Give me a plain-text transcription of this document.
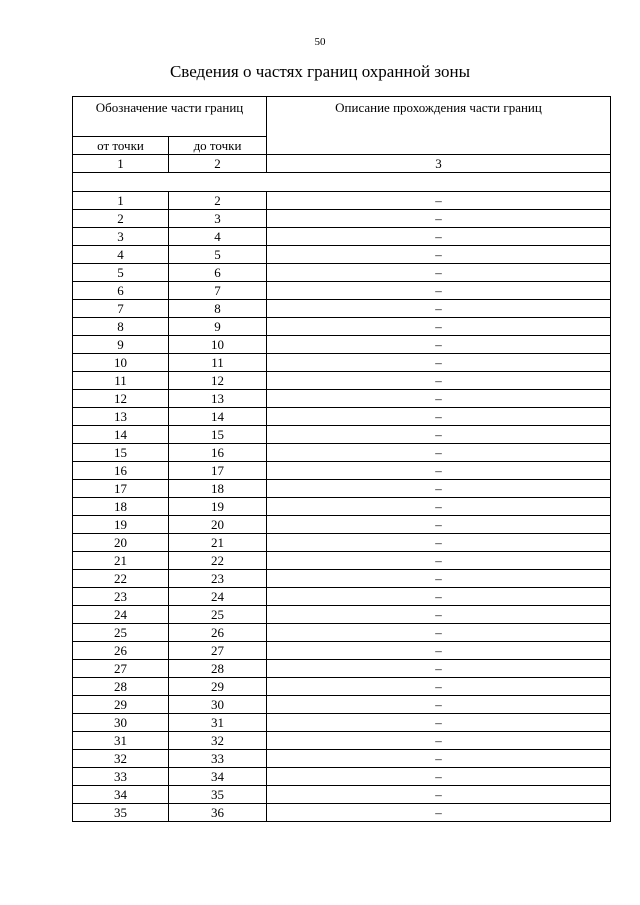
50
Сведения о частях границ охранной зоны
Обозначение части границ		Описание прохождения части границ
от точки	до точки	
1	2	3

1	2	–
2	3	–
3	4	–
4	5	–
5	6	–
6	7	–
7	8	–
8	9	–
9	10	–
10	11	–
11	12	–
12	13	–
13	14	–
14	15	–
15	16	–
16	17	–
17	18	–
18	19	–
19	20	–
20	21	–
21	22	–
22	23	–
23	24	–
24	25	–
25	26	–
26	27	–
27	28	–
28	29	–
29	30	–
30	31	–
31	32	–
32	33	–
33	34	–
34	35	–
35	36	–
